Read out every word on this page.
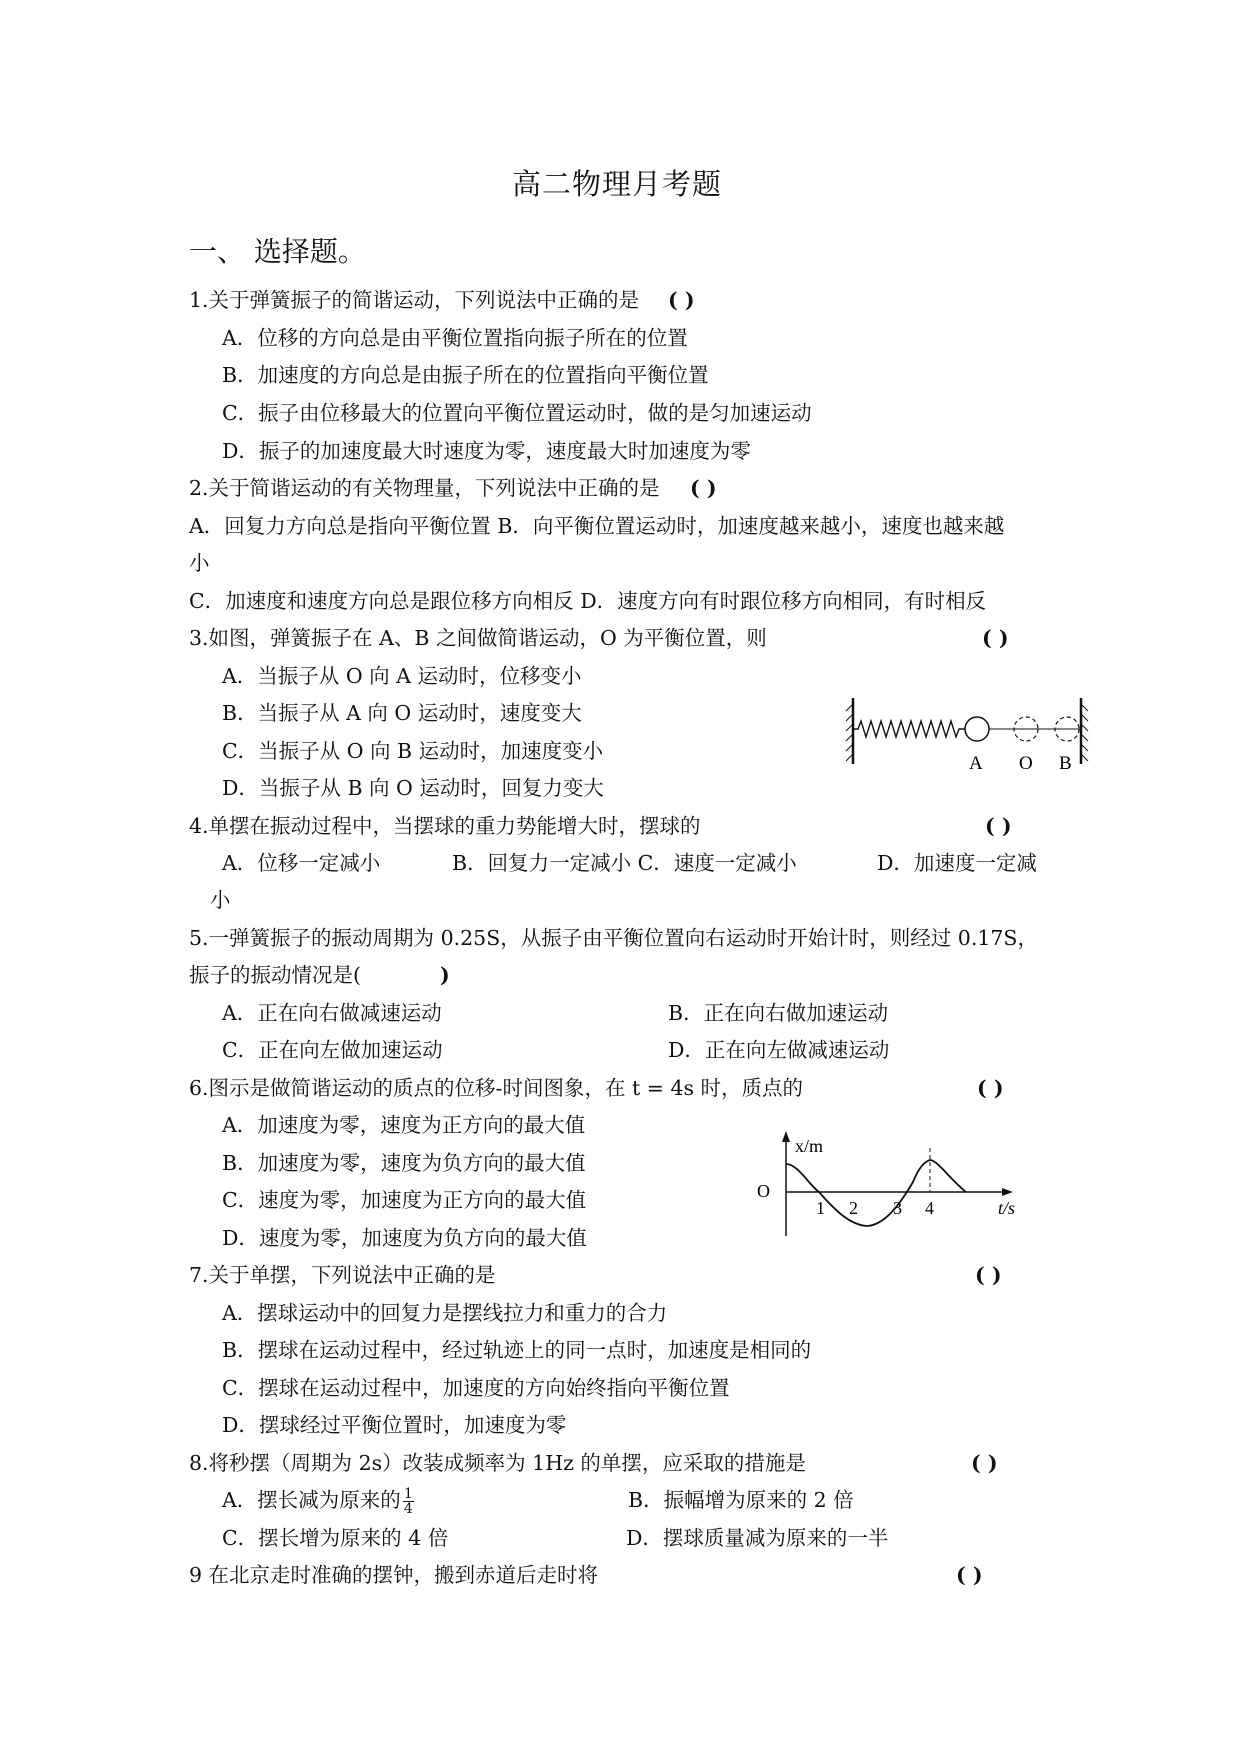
高二物理月考题
一、 选择题。
1.关于弹簧振子的简谐运动，下列说法中正确的是 ( )
A．位移的方向总是由平衡位置指向振子所在的位置
B．加速度的方向总是由振子所在的位置指向平衡位置
C．振子由位移最大的位置向平衡位置运动时，做的是匀加速运动
D．振子的加速度最大时速度为零，速度最大时加速度为零
2.关于简谐运动的有关物理量，下列说法中正确的是 ( )
A．回复力方向总是指向平衡位置 B．向平衡位置运动时，加速度越来越小，速度也越来越
小
C．加速度和速度方向总是跟位移方向相反 D．速度方向有时跟位移方向相同，有时相反
3.如图，弹簧振子在 A、B 之间做简谐运动，O 为平衡位置，则	( )
A．当振子从 O 向 A 运动时，位移变小
B．当振子从 A 向 O 运动时，速度变大
C．当振子从 O 向 B 运动时，加速度变小
D．当振子从 B 向 O 运动时，回复力变大
A O B
4.单摆在振动过程中，当摆球的重力势能增大时，摆球的	( )
A．位移一定减小	B．回复力一定减小 C．速度一定减小	D．加速度一定减
小
5.一弹簧振子的振动周期为 0.25S，从振子由平衡位置向右运动时开始计时，则经过 0.17S，
振子的振动情况是(	)
A．正在向右做减速运动	B．正在向右做加速运动
C．正在向左做加速运动	D．正在向左做减速运动
6.图示是做简谐运动的质点的位移-时间图象，在 t = 4s 时，质点的	( )
A．加速度为零，速度为正方向的最大值
B．加速度为零，速度为负方向的最大值
C．速度为零，加速度为正方向的最大值
D．速度为零，加速度为负方向的最大值
x/m
O
1 2 3 4	t/s
7.关于单摆，下列说法中正确的是	( )
A．摆球运动中的回复力是摆线拉力和重力的合力
B．摆球在运动过程中，经过轨迹上的同一点时，加速度是相同的
C．摆球在运动过程中，加速度的方向始终指向平衡位置
D．摆球经过平衡位置时，加速度为零
8.将秒摆（周期为 2s）改装成频率为 1Hz 的单摆，应采取的措施是	( )
A．摆长减为原来的 $\frac{1}{4}$	B．振幅增为原来的 2 倍
C．摆长增为原来的 4 倍	D．摆球质量减为原来的一半
9 在北京走时准确的摆钟，搬到赤道后走时将	( )
